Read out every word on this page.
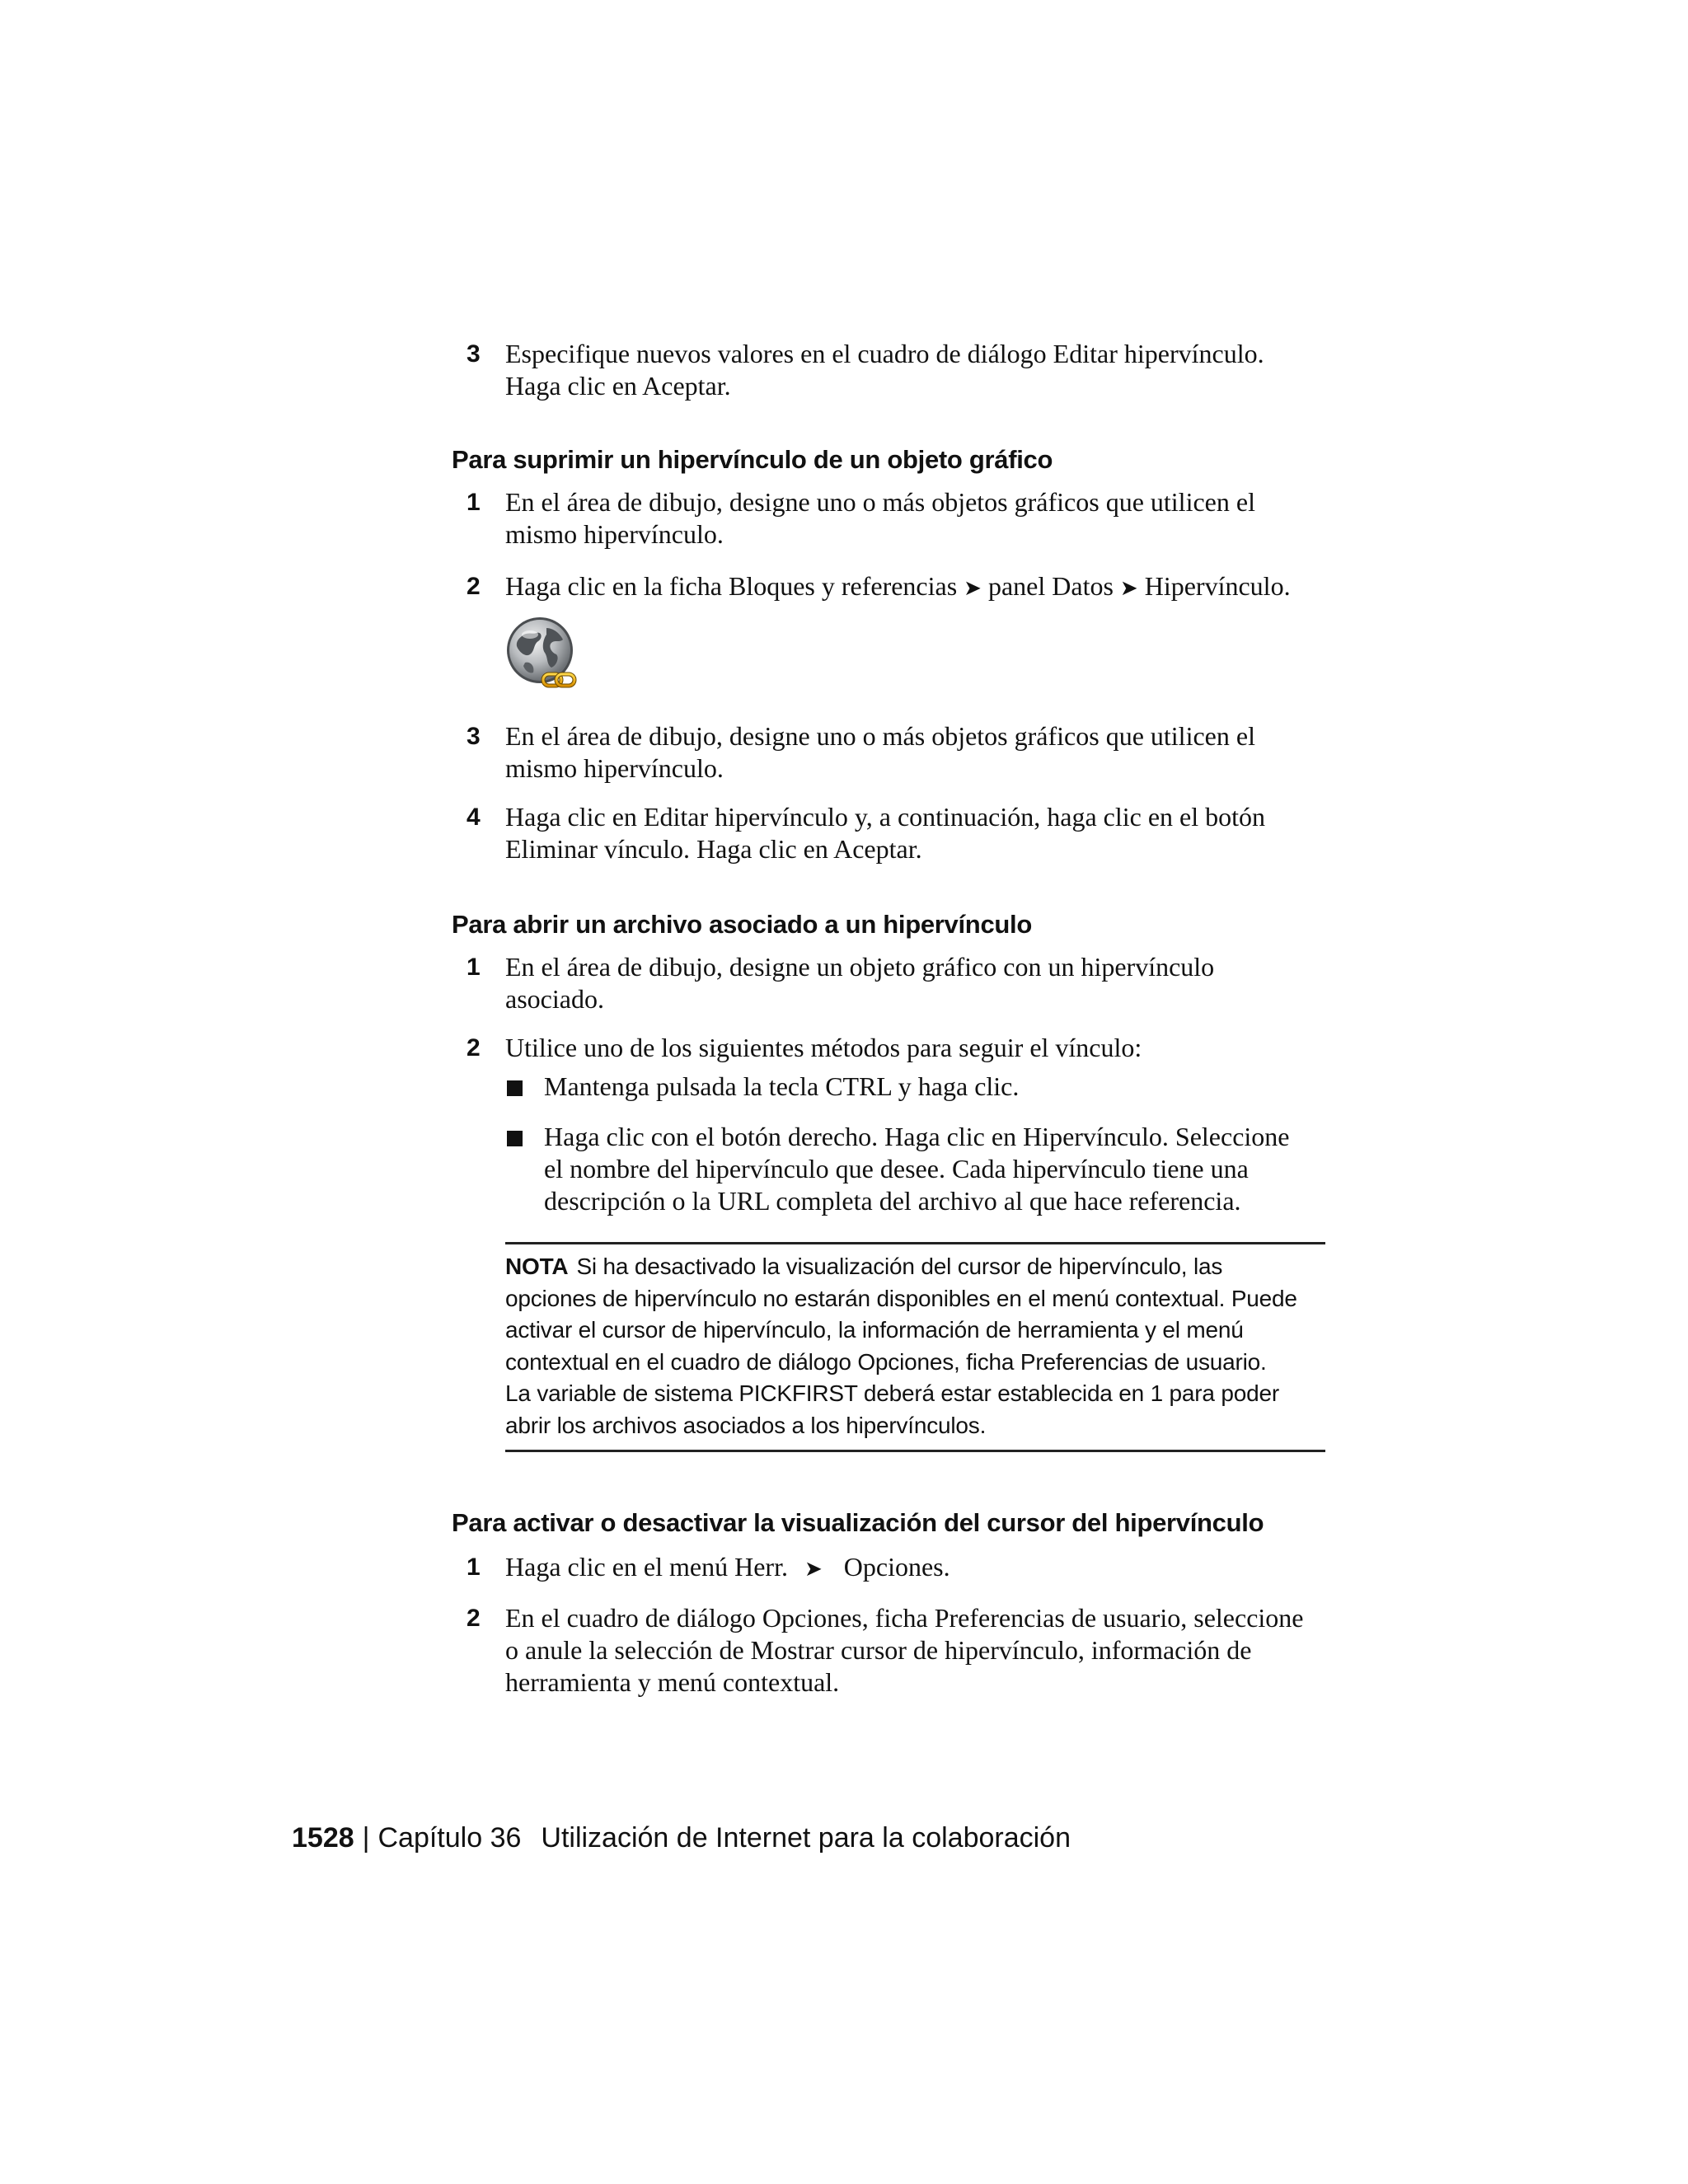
3 Especifique nuevos valores en el cuadro de diálogo Editar hipervínculo.
Haga clic en Aceptar.
Para suprimir un hipervínculo de un objeto gráfico
1 En el área de dibujo, designe uno o más objetos gráficos que utilicen el
mismo hipervínculo.
2 Haga clic en la ficha Bloques y referencias ➤ panel Datos ➤ Hipervínculo.
3 En el área de dibujo, designe uno o más objetos gráficos que utilicen el
mismo hipervínculo.
4 Haga clic en Editar hipervínculo y, a continuación, haga clic en el botón
Eliminar vínculo. Haga clic en Aceptar.
Para abrir un archivo asociado a un hipervínculo
1 En el área de dibujo, designe un objeto gráfico con un hipervínculo
asociado.
2 Utilice uno de los siguientes métodos para seguir el vínculo:
Mantenga pulsada la tecla CTRL y haga clic.
Haga clic con el botón derecho. Haga clic en Hipervínculo. Seleccione
el nombre del hipervínculo que desee. Cada hipervínculo tiene una
descripción o la URL completa del archivo al que hace referencia.
NOTA Si ha desactivado la visualización del cursor de hipervínculo, las
opciones de hipervínculo no estarán disponibles en el menú contextual. Puede
activar el cursor de hipervínculo, la información de herramienta y el menú
contextual en el cuadro de diálogo Opciones, ficha Preferencias de usuario.
La variable de sistema PICKFIRST deberá estar establecida en 1 para poder
abrir los archivos asociados a los hipervínculos.
Para activar o desactivar la visualización del cursor del hipervínculo
1 Haga clic en el menú Herr. ➤ Opciones.
2 En el cuadro de diálogo Opciones, ficha Preferencias de usuario, seleccione
o anule la selección de Mostrar cursor de hipervínculo, información de
herramienta y menú contextual.
1528 | Capítulo 36 Utilización de Internet para la colaboración
